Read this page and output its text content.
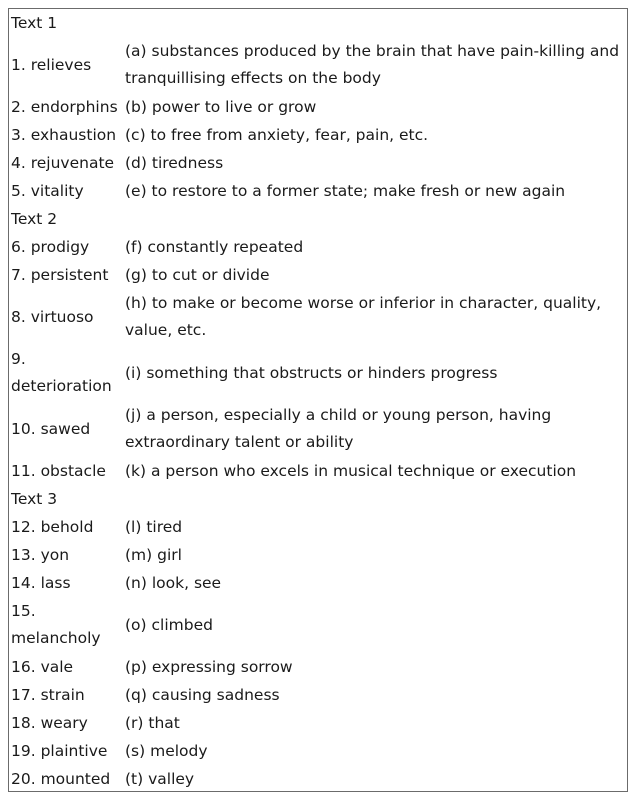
Text 1	
1. relieves	(a) substances produced by the brain that have pain-killing and tranquillising effects on the body
2. endorphins	(b) power to live or grow
3. exhaustion	(c) to free from anxiety, fear, pain, etc.
4. rejuvenate	(d) tiredness
5. vitality	(e) to restore to a former state; make fresh or new again
Text 2	
6. prodigy	(f) constantly repeated
7. persistent	(g) to cut or divide
8. virtuoso	(h) to make or become worse or inferior in character, quality, value, etc.
9. deterioration	(i) something that obstructs or hinders progress
10. sawed	(j) a person, especially a child or young person, having extraordinary talent or ability
11. obstacle	(k) a person who excels in musical technique or execution
Text 3	
12. behold	(l) tired
13. yon	(m) girl
14. lass	(n) look, see
15. melancholy	(o) climbed
16. vale	(p) expressing sorrow
17. strain	(q) causing sadness
18. weary	(r) that
19. plaintive	(s) melody
20. mounted	(t) valley
